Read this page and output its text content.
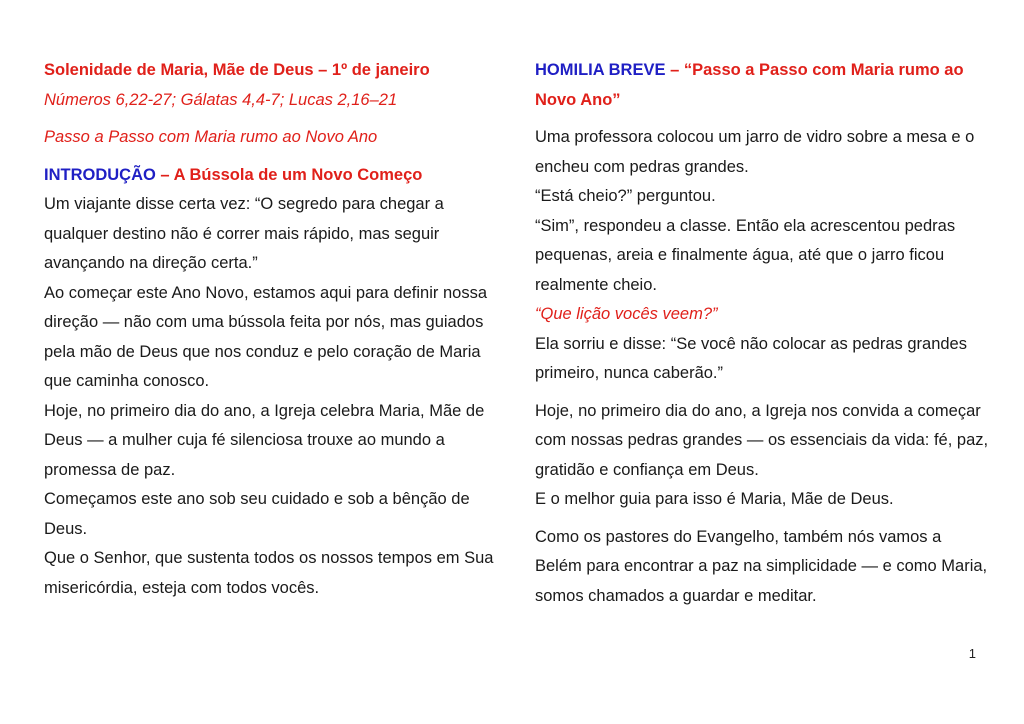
Solenidade de Maria, Mãe de Deus – 1º de janeiro

Números 6,22-27; Gálatas 4,4-7; Lucas 2,16–21

Passo a Passo com Maria rumo ao Novo Ano

INTRODUÇÃO – A Bússola de um Novo Começo

Um viajante disse certa vez: “O segredo para chegar a qualquer destino não é correr mais rápido, mas seguir avançando na direção certa.”

Ao começar este Ano Novo, estamos aqui para definir nossa direção — não com uma bússola feita por nós, mas guiados pela mão de Deus que nos conduz e pelo coração de Maria que caminha conosco.

Hoje, no primeiro dia do ano, a Igreja celebra Maria, Mãe de Deus — a mulher cuja fé silenciosa trouxe ao mundo a promessa de paz.

Começamos este ano sob seu cuidado e sob a bênção de Deus.

Que o Senhor, que sustenta todos os nossos tempos em Sua misericórdia, esteja com todos vocês.

HOMILIA BREVE – “Passo a Passo com Maria rumo ao Novo Ano”

Uma professora colocou um jarro de vidro sobre a mesa e o encheu com pedras grandes.

“Está cheio?” perguntou.

“Sim”, respondeu a classe. Então ela acrescentou pedras pequenas, areia e finalmente água, até que o jarro ficou realmente cheio.

“Que lição vocês veem?”

Ela sorriu e disse: “Se você não colocar as pedras grandes primeiro, nunca caberão.”

Hoje, no primeiro dia do ano, a Igreja nos convida a começar com nossas pedras grandes — os essenciais da vida: fé, paz, gratidão e confiança em Deus.

E o melhor guia para isso é Maria, Mãe de Deus.

Como os pastores do Evangelho, também nós vamos a Belém para encontrar a paz na simplicidade — e como Maria, somos chamados a guardar e meditar.

1
